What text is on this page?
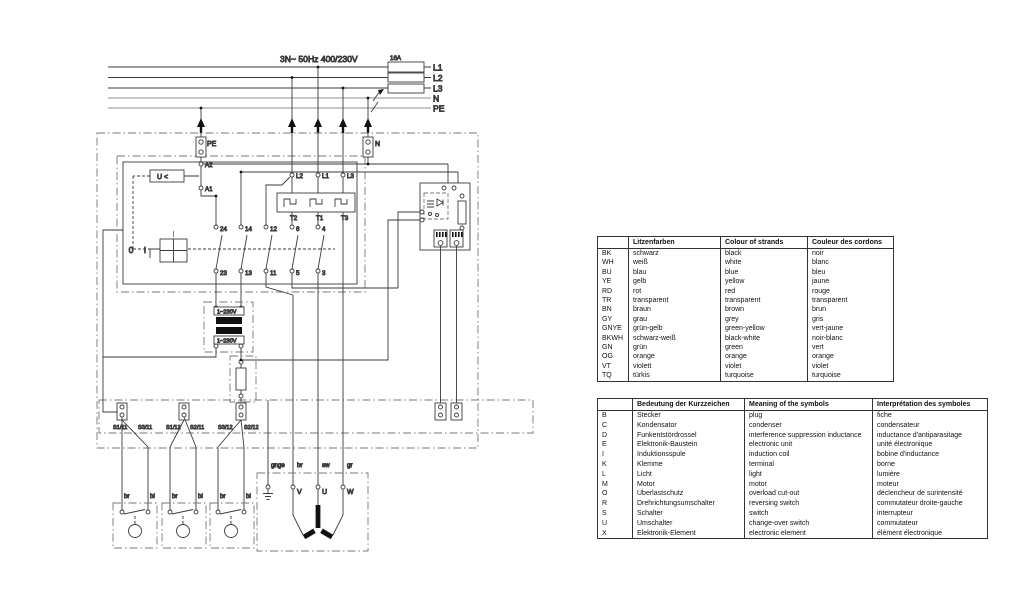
3N~ 50Hz 400/230V
L1
L2
L3
N
PE
16A
PE	N
A2
A1
U <	L2	L1	L3
T2	T1	T3
24	14	12	6	4
23	13	11	5	3
0 I
1~230V
1~230V
S1/11 S3/11 S1/12 S2/11 S3/12 S2/12
br	bl	br	bl	br	bl
gnge br	sw	gr
V	U	W
	Litzenfarben	Colour of strands	Couleur des cordons
BK	schwarz	black	noir
WH	weiß	white	blanc
BU	blau	blue	bleu
YE	gelb	yellow	jaune
RD	rot	red	rouge
TR	transparent	transparent	transparent
BN	braun	brown	brun
GY	grau	grey	gris
GNYE	grün-gelb	green-yellow	vert-jaune
BKWH	schwarz-weiß	black-white	noir-blanc
GN	grün	green	vert
OG	orange	orange	orange
VT	violett	violet	violet
TQ	türkis	turquoise	turquoise
	Bedeutung der Kurzzeichen	Meaning of the symbols	Interprétation des symboles
B	Stecker	plug	fiche
C	Kondensator	condenser	condensateur
D	Funkentstördrossel	interference suppression inductance	inductance d'antiparasitage
E	Elektronik-Baustein	electronic unit	unité électronique
I	Induktionsspule	induction coil	bobine d'inductance
K	Klemme	terminal	borne
L	Licht	light	lumière
M	Motor	motor	moteur
O	Überlastschutz	overload cut-out	déclencheur de surintensité
R	Drehrichtungsumschalter	reversing switch	commutateur droite-gauche
S	Schalter	switch	interrupteur
U	Umschalter	change-over switch	commutateur
X	Elektronik-Element	electronic element	élément électronique
